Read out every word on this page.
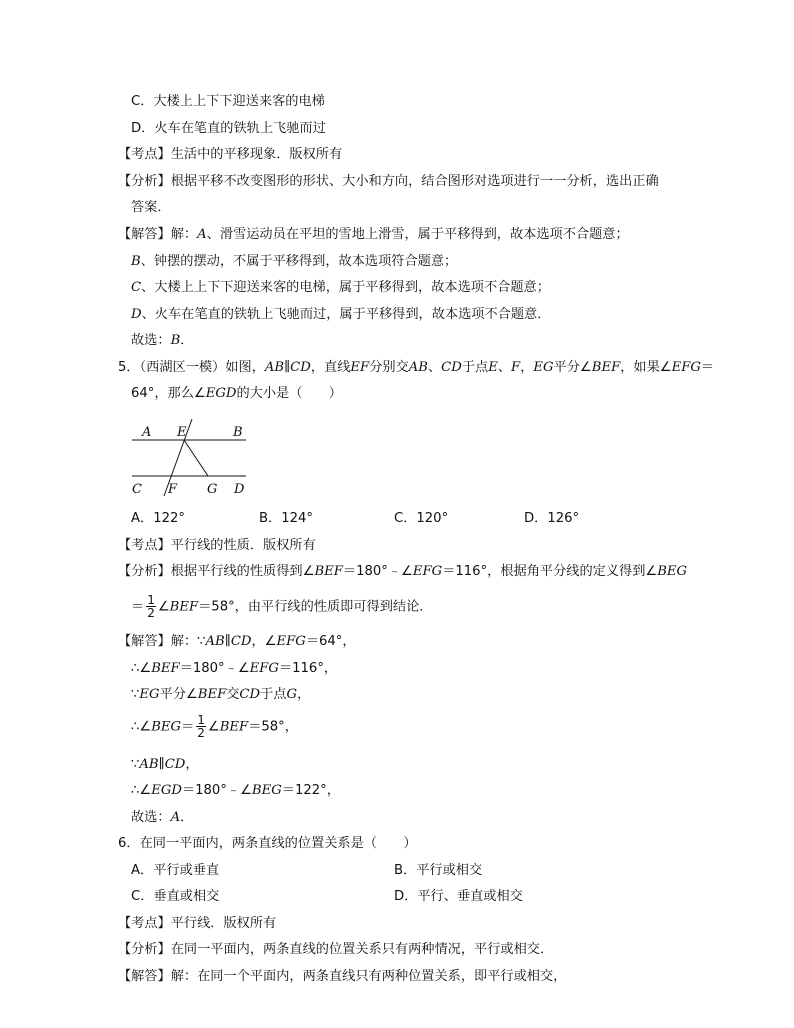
C．大楼上上下下迎送来客的电梯
D．火车在笔直的铁轨上飞驰而过
【考点】生活中的平移现象．版权所有
【分析】根据平移不改变图形的形状、大小和方向，结合图形对选项进行一一分析，选出正确
答案．
【解答】解：A、滑雪运动员在平坦的雪地上滑雪，属于平移得到，故本选项不合题意；
B、钟摆的摆动，不属于平移得到，故本选项符合题意；
C、大楼上上下下迎送来客的电梯，属于平移得到，故本选项不合题意；
D、火车在笔直的铁轨上飞驰而过，属于平移得到，故本选项不合题意．
故选：B．
5．（西湖区一模）如图，AB∥CD，直线EF分别交AB、CD于点E、F，EG平分∠BEF，如果∠EFG＝
64°，那么∠EGD的大小是（　　）
A E	B
C F G D
A．122°	B．124°	C．120°	D．126°
【考点】平行线的性质．版权所有
【分析】根据平行线的性质得到∠BEF＝180°﹣∠EFG＝116°，根据角平分线的定义得到∠BEG
＝ $\frac{1}{2}$ ∠BEF＝58°，由平行线的性质即可得到结论．
【解答】解：∵AB∥CD，∠EFG＝64°，
∴∠BEF＝180°﹣∠EFG＝116°，
∵EG平分∠BEF交CD于点G，
∴∠BEG＝ $\frac{1}{2}$ ∠BEF＝58°，
∵AB∥CD，
∴∠EGD＝180°﹣∠BEG＝122°，
故选：A．
6．在同一平面内，两条直线的位置关系是（　　）
A．平行或垂直	B．平行或相交
C．垂直或相交	D．平行、垂直或相交
【考点】平行线．版权所有
【分析】在同一平面内，两条直线的位置关系只有两种情况，平行或相交．
【解答】解：在同一个平面内，两条直线只有两种位置关系，即平行或相交，
